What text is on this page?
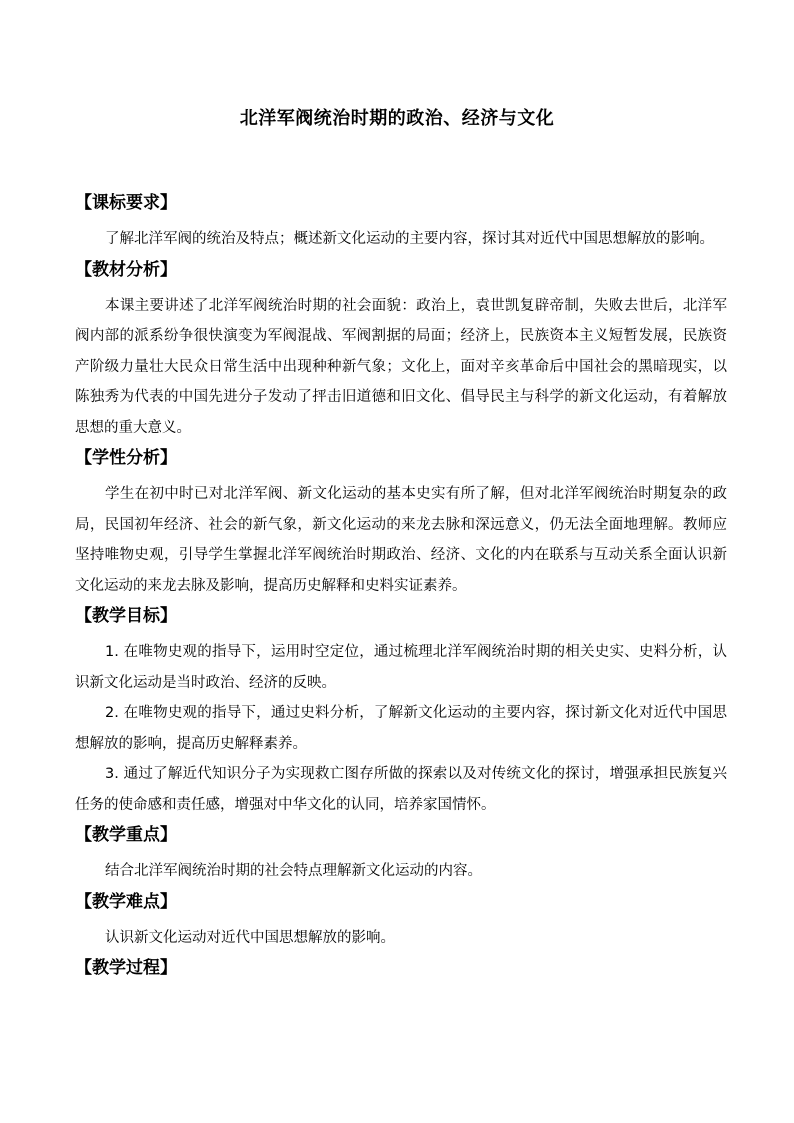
北洋军阀统治时期的政治、经济与文化
【课标要求】

了解北洋军阀的统治及特点；概述新文化运动的主要内容，探讨其对近代中国思想解放的影响。

【教材分析】

本课主要讲述了北洋军阀统治时期的社会面貌：政治上，袁世凯复辟帝制，失败去世后，北洋军阀内部的派系纷争很快演变为军阀混战、军阀割据的局面；经济上，民族资本主义短暂发展，民族资产阶级力量壮大民众日常生活中出现种种新气象；文化上，面对辛亥革命后中国社会的黑暗现实，以陈独秀为代表的中国先进分子发动了抨击旧道德和旧文化、倡导民主与科学的新文化运动，有着解放思想的重大意义。

【学性分析】

学生在初中时已对北洋军阀、新文化运动的基本史实有所了解，但对北洋军阀统治时期复杂的政局，民国初年经济、社会的新气象，新文化运动的来龙去脉和深远意义，仍无法全面地理解。教师应坚持唯物史观，引导学生掌握北洋军阀统治时期政治、经济、文化的内在联系与互动关系全面认识新文化运动的来龙去脉及影响，提高历史解释和史料实证素养。

【教学目标】

1. 在唯物史观的指导下，运用时空定位，通过梳理北洋军阀统治时期的相关史实、史料分析，认识新文化运动是当时政治、经济的反映。

2. 在唯物史观的指导下，通过史料分析，了解新文化运动的主要内容，探讨新文化对近代中国思想解放的影响，提高历史解释素养。

3. 通过了解近代知识分子为实现救亡图存所做的探索以及对传统文化的探讨，增强承担民族复兴任务的使命感和责任感，增强对中华文化的认同，培养家国情怀。

【教学重点】

结合北洋军阀统治时期的社会特点理解新文化运动的内容。

【教学难点】

认识新文化运动对近代中国思想解放的影响。

【教学过程】
